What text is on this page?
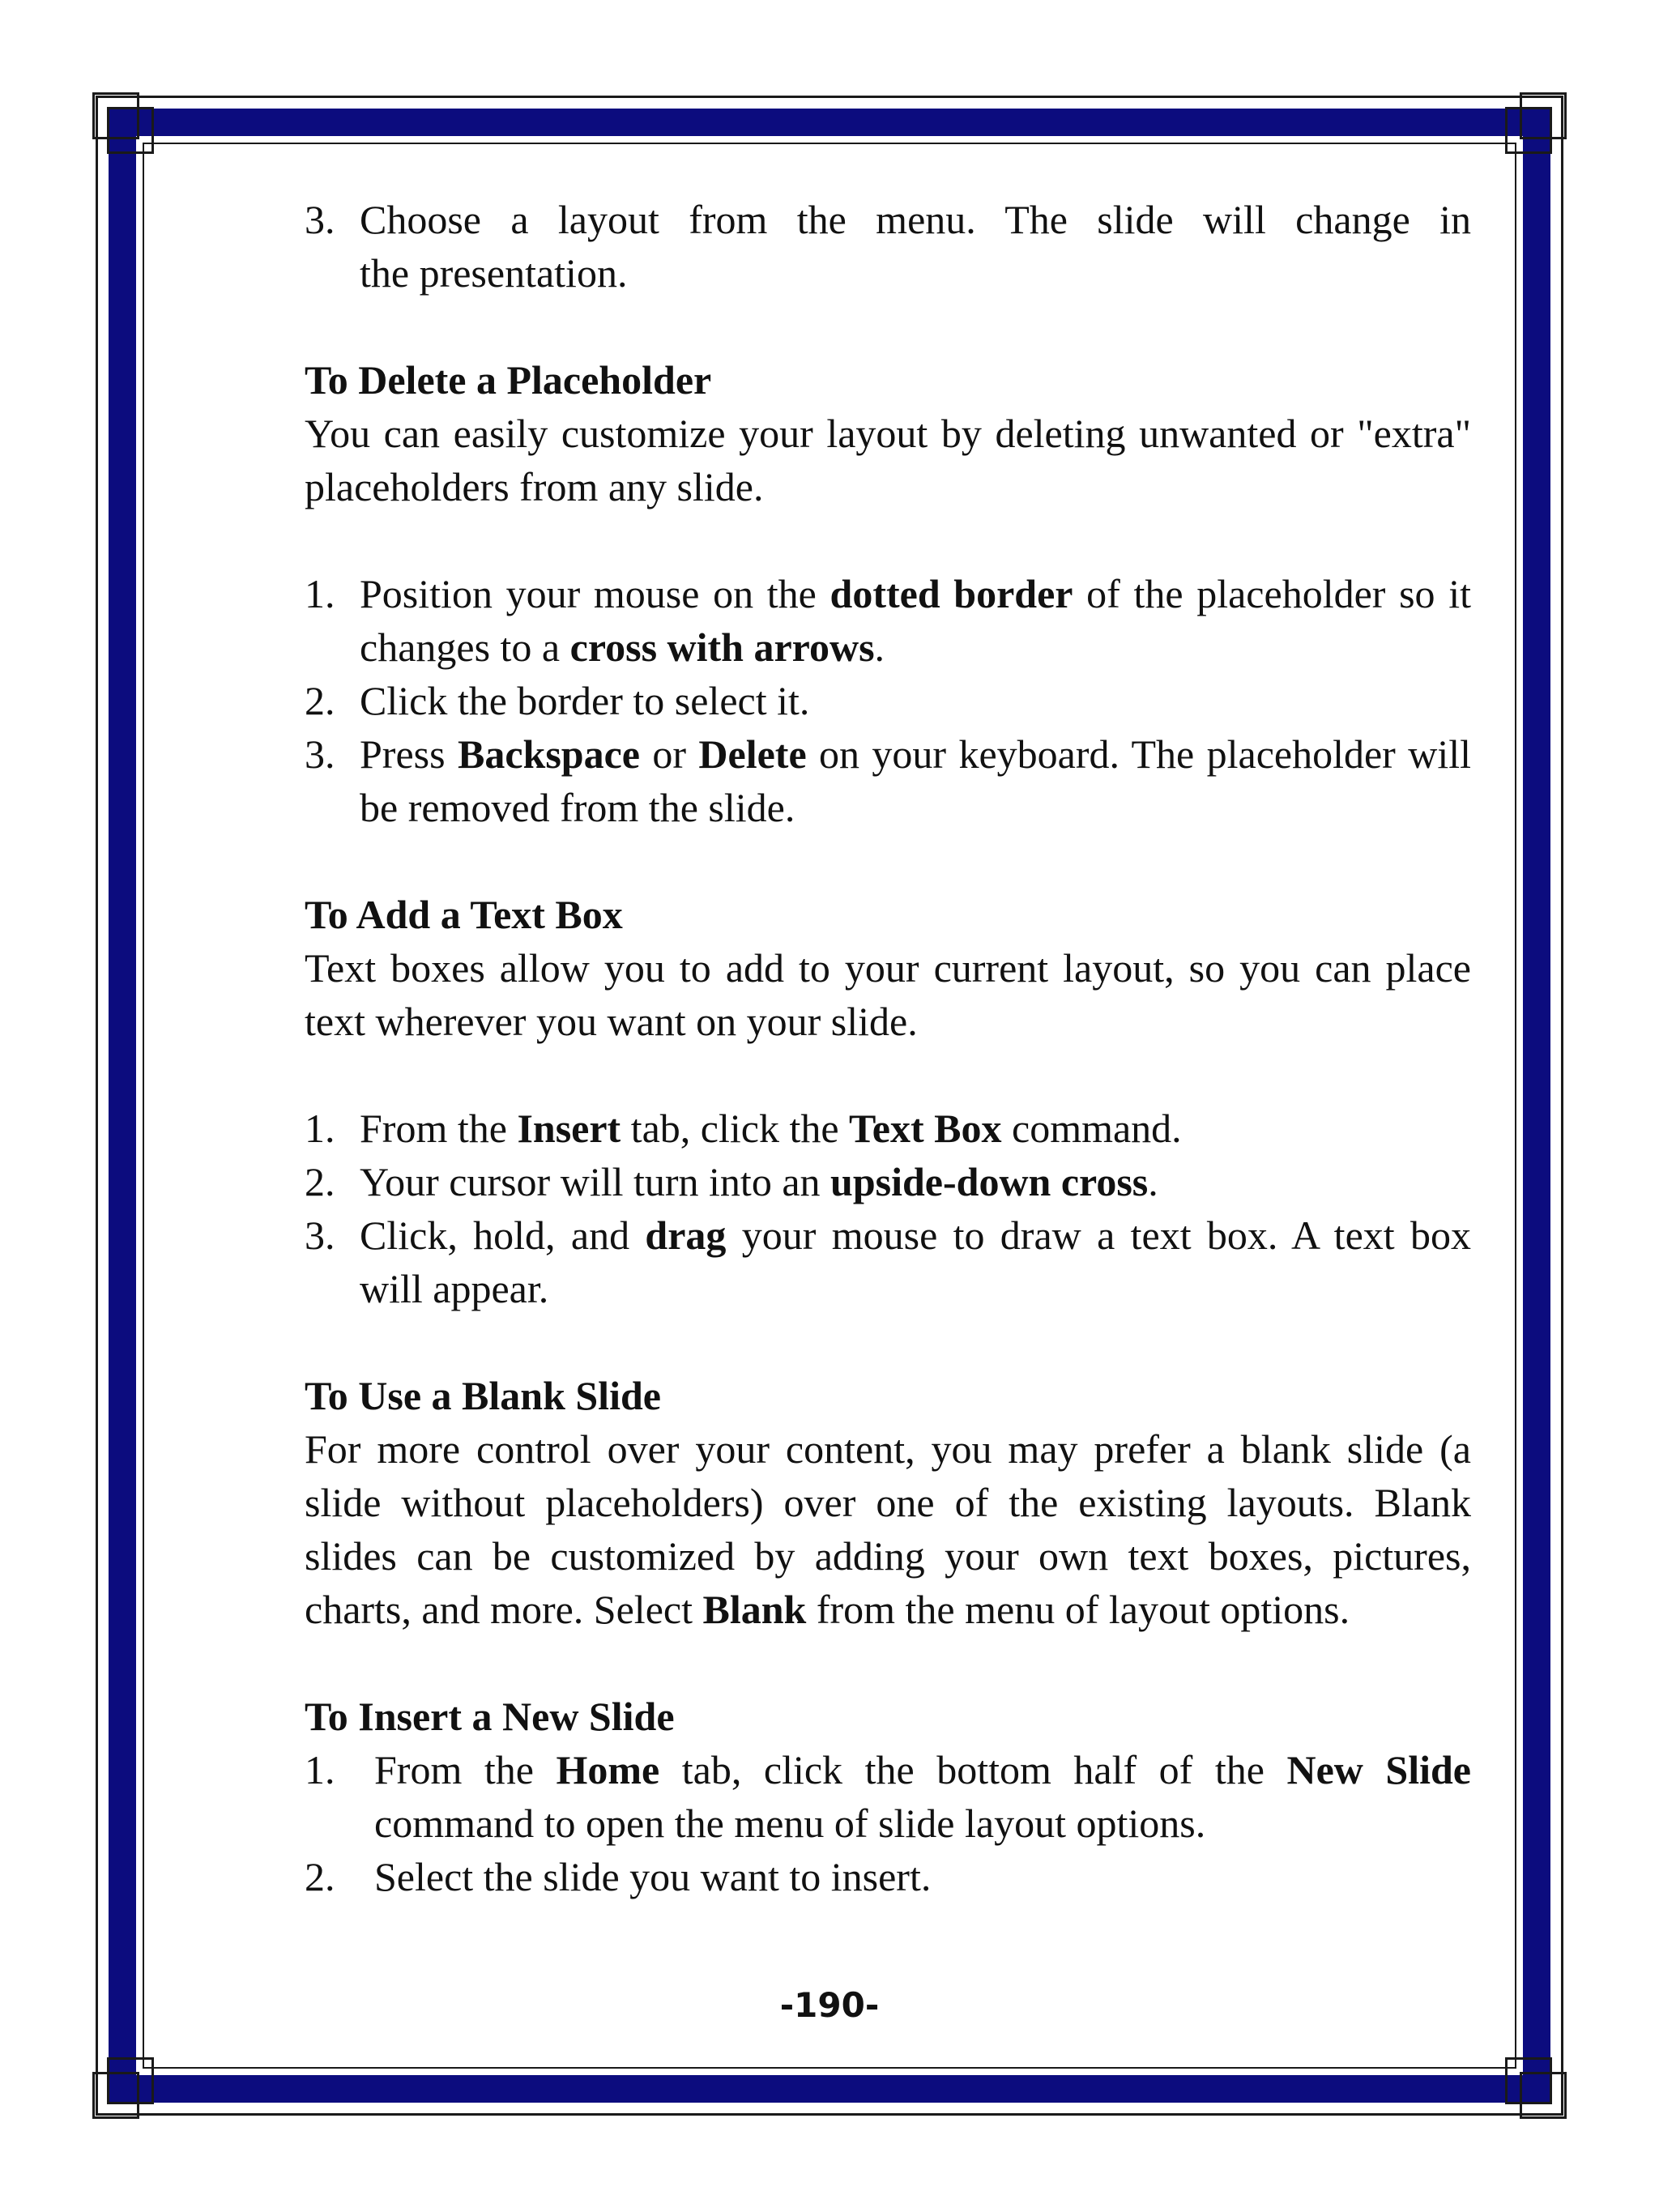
3. Choose a layout from the menu. The slide will change in
the presentation.

To Delete a Placeholder

You can easily customize your layout by deleting unwanted or "extra" placeholders from any slide.

1. Position your mouse on the dotted border of the placeholder so it changes to a cross with arrows.
2. Click the border to select it.
3. Press Backspace or Delete on your keyboard. The placeholder will be removed from the slide.

To Add a Text Box

Text boxes allow you to add to your current layout, so you can place text wherever you want on your slide.

1. From the Insert tab, click the Text Box command.
2. Your cursor will turn into an upside-down cross.
3. Click, hold, and drag your mouse to draw a text box. A text box will appear.

To Use a Blank Slide

For more control over your content, you may prefer a blank slide (a slide without placeholders) over one of the existing layouts. Blank slides can be customized by adding your own text boxes, pictures, charts, and more. Select Blank from the menu of layout options.

To Insert a New Slide

1. From the Home tab, click the bottom half of the New Slide command to open the menu of slide layout options.
2. Select the slide you want to insert.
-190-
